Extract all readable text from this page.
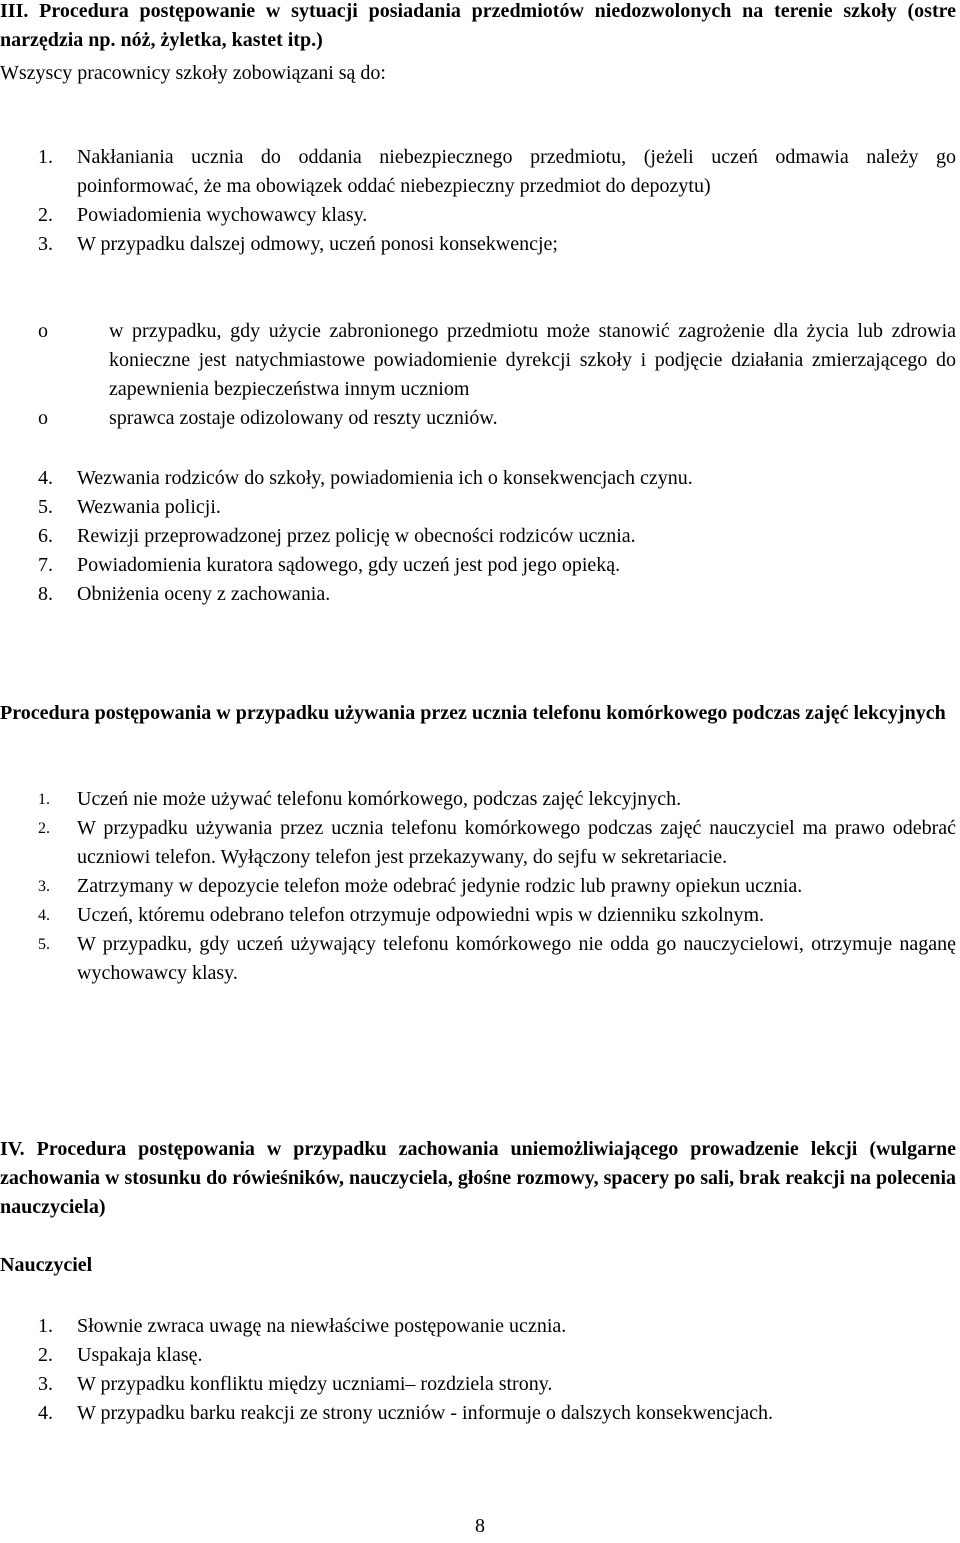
III. Procedura postępowanie w sytuacji posiadania przedmiotów niedozwolonych na terenie szkoły (ostre narzędzia np. nóż, żyletka, kastet itp.)
Wszyscy pracownicy szkoły zobowiązani są do:
1. Nakłaniania ucznia do oddania niebezpiecznego przedmiotu, (jeżeli uczeń odmawia należy go poinformować, że ma obowiązek oddać niebezpieczny przedmiot do depozytu)
2. Powiadomienia wychowawcy klasy.
3. W przypadku dalszej odmowy, uczeń ponosi konsekwencje;
o	w przypadku, gdy użycie zabronionego przedmiotu może stanowić zagrożenie dla życia lub zdrowia konieczne jest natychmiastowe powiadomienie dyrekcji szkoły i podjęcie działania zmierzającego do zapewnienia bezpieczeństwa innym uczniom
o	sprawca zostaje odizolowany od reszty uczniów.
4. Wezwania rodziców do szkoły, powiadomienia ich o konsekwencjach czynu.
5. Wezwania policji.
6. Rewizji przeprowadzonej przez policję w obecności rodziców ucznia.
7. Powiadomienia kuratora sądowego, gdy uczeń jest pod jego opieką.
8. Obniżenia oceny z zachowania.
Procedura postępowania w przypadku używania przez ucznia telefonu komórkowego podczas zajęć lekcyjnych
1. Uczeń nie może używać telefonu komórkowego, podczas zajęć lekcyjnych.
2. W przypadku używania przez ucznia telefonu komórkowego podczas zajęć nauczyciel ma prawo odebrać uczniowi telefon. Wyłączony telefon jest przekazywany, do sejfu w sekretariacie.
3. Zatrzymany w depozycie telefon może odebrać jedynie rodzic lub prawny opiekun ucznia.
4. Uczeń, któremu odebrano telefon otrzymuje odpowiedni wpis w dzienniku szkolnym.
5. W przypadku, gdy uczeń używający telefonu komórkowego nie odda go nauczycielowi, otrzymuje naganę wychowawcy klasy.
IV. Procedura postępowania w przypadku zachowania uniemożliwiającego prowadzenie lekcji (wulgarne zachowania w stosunku do rówieśników, nauczyciela, głośne rozmowy, spacery po sali, brak reakcji na polecenia nauczyciela)
Nauczyciel
1. Słownie zwraca uwagę na niewłaściwe postępowanie ucznia.
2. Uspakaja klasę.
3. W przypadku konfliktu między uczniami– rozdziela strony.
4. W przypadku barku reakcji ze strony uczniów - informuje o dalszych konsekwencjach.
8
